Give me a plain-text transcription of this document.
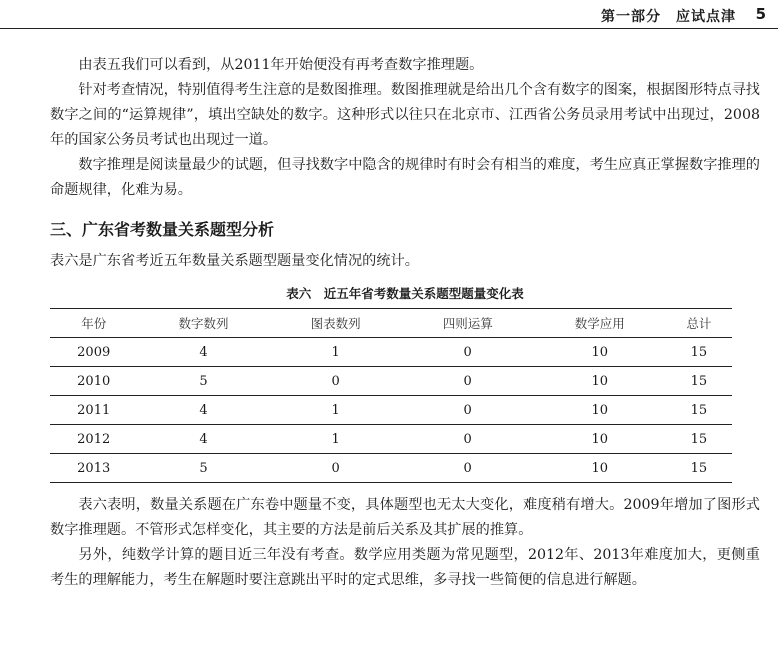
第一部分　应试点津 5

由表五我们可以看到，从2011年开始便没有再考查数字推理题。

针对考查情况，特别值得考生注意的是数图推理。数图推理就是给出几个含有数字的图案，根据图形特点寻找数字之间的“运算规律”，填出空缺处的数字。这种形式以往只在北京市、江西省公务员录用考试中出现过，2008年的国家公务员考试也出现过一道。

数字推理是阅读量最少的试题，但寻找数字中隐含的规律时有时会有相当的难度，考生应真正掌握数字推理的命题规律，化难为易。

三、广东省考数量关系题型分析

表六是广东省考近五年数量关系题型题量变化情况的统计。

表六　近五年省考数量关系题型题量变化表
年份	数字数列	图表数列	四则运算	数学应用	总计
2009	4	1	0	10	15
2010	5	0	0	10	15
2011	4	1	0	10	15
2012	4	1	0	10	15
2013	5	0	0	10	15

表六表明，数量关系题在广东卷中题量不变，具体题型也无太大变化，难度稍有增大。2009年增加了图形式数字推理题。不管形式怎样变化，其主要的方法是前后关系及其扩展的推算。

另外，纯数学计算的题目近三年没有考查。数学应用类题为常见题型，2012年、2013年难度加大，更侧重考生的理解能力，考生在解题时要注意跳出平时的定式思维，多寻找一些简便的信息进行解题。
